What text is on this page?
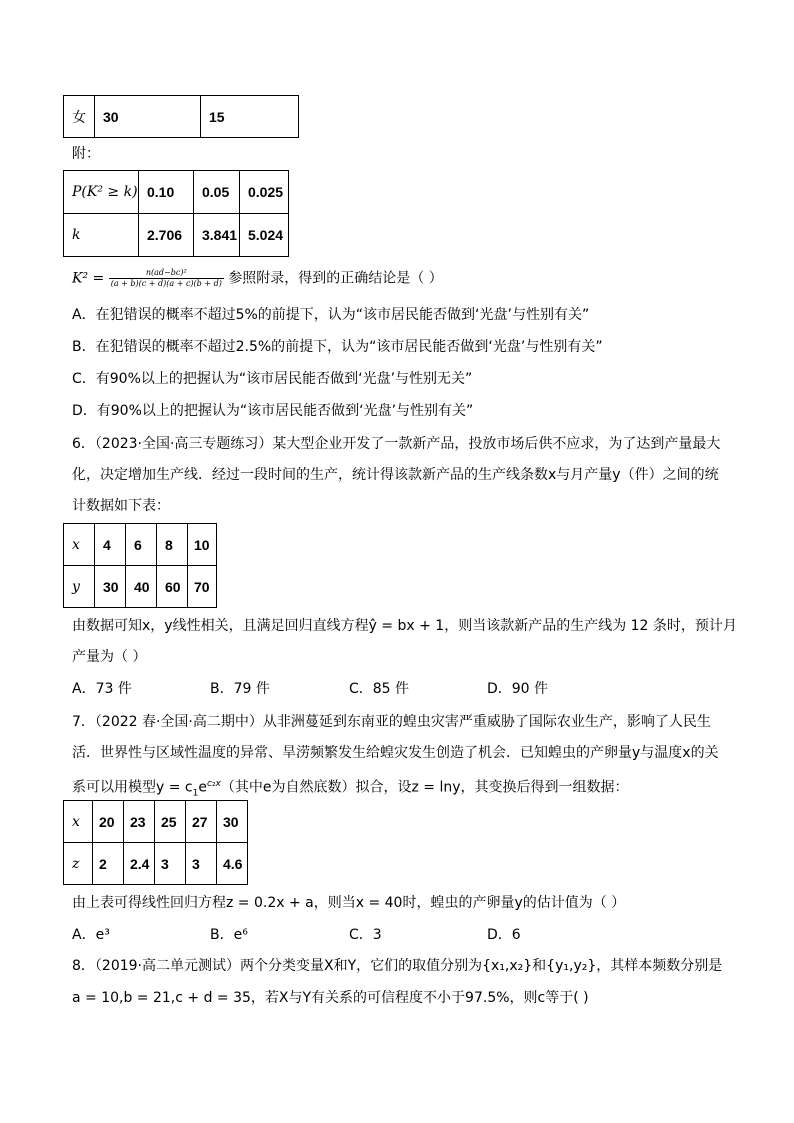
女	30	15
附：
P(K² ≥ k)	0.10	0.05	0.025
k	2.706	3.841	5.024
$K^2 = \frac{\text{n(ad−bc)²}}{(a + b)(c + d)(a + c)(b + d)}$ 参照附录，得到的正确结论是（ ）
A．在犯错误的概率不超过5%的前提下，认为“该市居民能否做到‘光盘’与性别有关”
B．在犯错误的概率不超过2.5%的前提下，认为“该市居民能否做到‘光盘’与性别有关”
C．有90%以上的把握认为“该市居民能否做到‘光盘’与性别无关”
D．有90%以上的把握认为“该市居民能否做到‘光盘’与性别有关”
6．（2023·全国·高三专题练习）某大型企业开发了一款新产品，投放市场后供不应求，为了达到产量最大
化，决定增加生产线．经过一段时间的生产，统计得该款新产品的生产线条数x与月产量y（件）之间的统
计数据如下表：
x	4	6	8	10
y	30	40	60	70
由数据可知x，y线性相关，且满足回归直线方程ŷ = bx + 1，则当该款新产品的生产线为 12 条时，预计月
产量为（ ）
A．73 件	B．79 件	C．85 件	D．90 件
7．（2022 春·全国·高二期中）从非洲蔓延到东南亚的蝗虫灾害严重威胁了国际农业生产，影响了人民生
活．世界性与区域性温度的异常、旱涝频繁发生给蝗灾发生创造了机会．已知蝗虫的产卵量y与温度x的关
系可以用模型$y = c_1e^{c_2x}$（其中e为自然底数）拟合，设z = lny，其变换后得到一组数据：
x	20	23	25	27	30
z	2	2.4	3	3	4.6
由上表可得线性回归方程z = 0.2x + a，则当x = 40时，蝗虫的产卵量y的估计值为（ ）
A．e³	B．e⁶	C．3	D．6
8．（2019·高二单元测试）两个分类变量X和Y，它们的取值分别为{x₁,x₂}和{y₁,y₂}，其样本频数分别是
a = 10,b = 21,c + d = 35，若X与Y有关系的可信程度不小于97.5%，则c等于( )
